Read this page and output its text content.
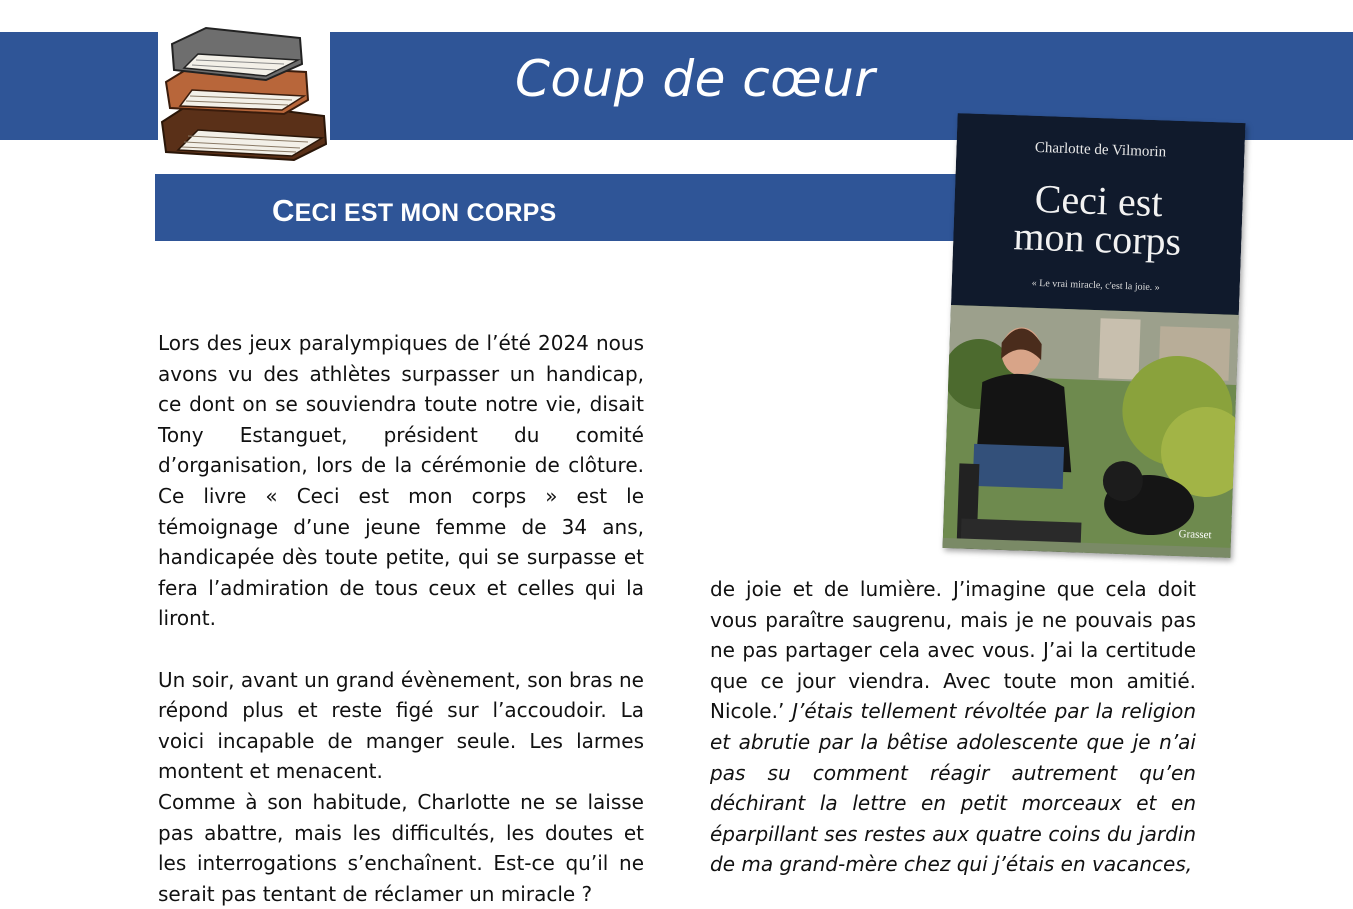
Coup de cœur
CECI EST MON CORPS
Charlotte de Vilmorin
Ceci est
mon corps
« Le vrai miracle, c'est la joie. »
Grasset

Lors des jeux paralympiques de l’été 2024 nous avons vu des athlètes surpasser un handicap, ce dont on se souviendra toute notre vie, disait Tony Estanguet, président du comité d’organisation, lors de la cérémonie de clôture. Ce livre « Ceci est mon corps » est le témoignage d’une jeune femme de 34 ans, handicapée dès toute petite, qui se surpasse et fera l’admiration de tous ceux et celles qui la liront.

Un soir, avant un grand évènement, son bras ne répond plus et reste figé sur l’accoudoir. La voici incapable de manger seule. Les larmes montent et menacent.

Comme à son habitude, Charlotte ne se laisse pas abattre, mais les difficultés, les doutes et les interrogations s’enchaînent. Est-ce qu’il ne serait pas tentant de réclamer un miracle ?

de joie et de lumière. J’imagine que cela doit vous paraître saugrenu, mais je ne pouvais pas ne pas partager cela avec vous. J’ai la certitude que ce jour viendra. Avec toute mon amitié. Nicole.’ J’étais tellement révoltée par la religion et abrutie par la bêtise adolescente que je n’ai pas su comment réagir autrement qu’en déchirant la lettre en petit morceaux et en éparpillant ses restes aux quatre coins du jardin de ma grand-mère chez qui j’étais en vacances,
